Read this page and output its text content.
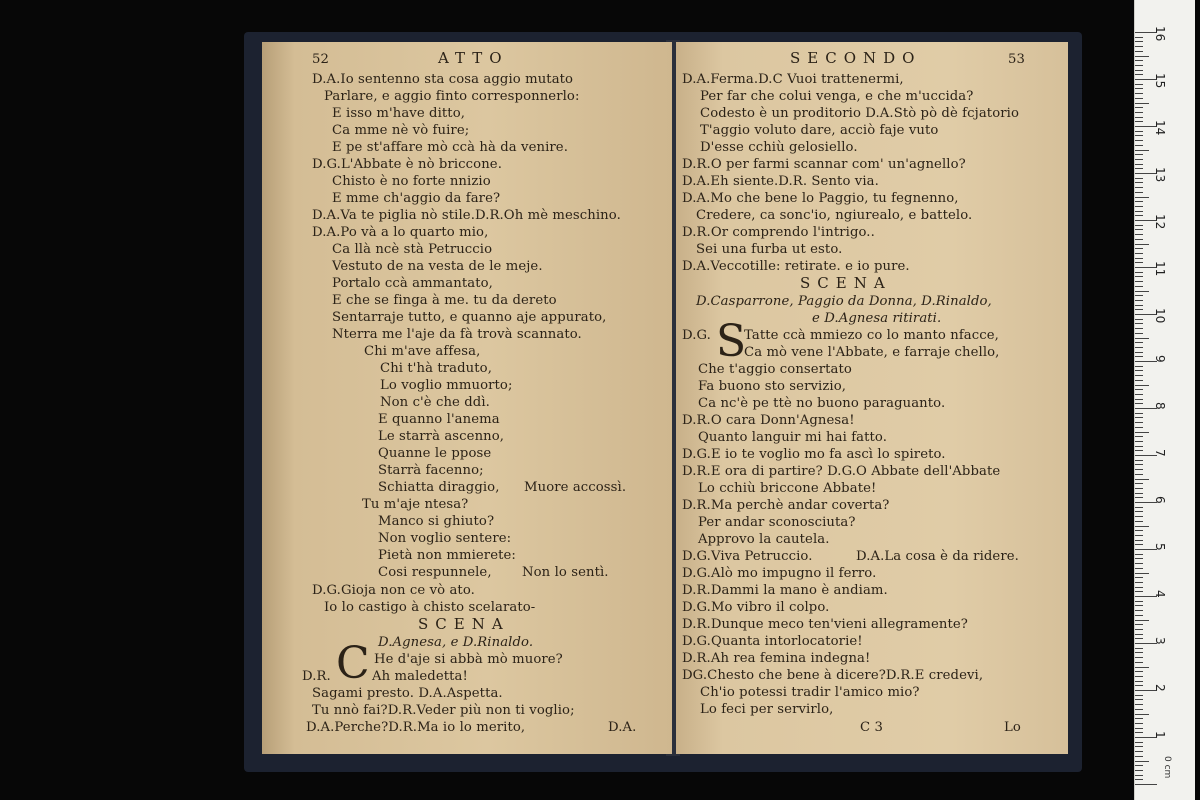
52	ATTO
D.A.Io sentenno sta cosa aggio mutato
Parlare, e aggio finto corresponnerlo:
E isso m'have ditto,
Ca mme nè vò fuire;
E pe st'affare mò ccà hà da venire.
D.G.L'Abbate è nò briccone.
Chisto è no forte nnizio
E mme ch'aggio da fare?
D.A.Va te piglia nò stile.D.R.Oh mè meschino.
D.A.Po và a lo quarto mio,
Ca llà ncè stà Petruccio
Vestuto de na vesta de le meje.
Portalo ccà ammantato,
E che se finga à me. tu da dereto
Sentarraje tutto, e quanno aje appurato,
Nterra me l'aje da fà trovà scannato.
Chi m'ave affesa,
Chi t'hà traduto,
Lo voglio mmuorto;
Non c'è che ddì.
E quanno l'anema
Le starrà ascenno,
Quanne le ppose
Starrà facenno;
Schiatta diraggio, Muore accossì.
Tu m'aje ntesa?
Manco si ghiuto?
Non voglio sentere:
Pietà non mmierete:
Cosi respunnele, Non lo sentì.
D.G.Gioja non ce vò ato.
Io lo castigo à chisto scelarato-
SCENA
D.Agnesa, e D.Rinaldo.
C He d'aje si abbà mò muore?
D.R.	Ah maledetta!
Sagami presto. D.A.Aspetta.
Tu nnò fai?D.R.Veder più non ti voglio;
D.A.Perche?D.R.Ma io lo merito,	D.A.
SECONDO	53
D.A.Ferma.D.C Vuoi trattenermi,
Per far che colui venga, e che m'uccida?
Codesto è un proditorio D.A.Stò pò dè fcjatorio
T'aggio voluto dare, acciò faje vuto
D'esse cchiù gelosiello.
D.R.O per farmi scannar com' un'agnello?
D.A.Eh siente.D.R. Sento via.
D.A.Mo che bene lo Paggio, tu fegnenno,
Credere, ca sonc'io, ngiurealo, e battelo.
D.R.Or comprendo l'intrigo..
Sei una furba ut esto.
D.A.Veccotille: retirate. e io pure.
SCENA
D.Casparrone, Paggio da Donna, D.Rinaldo,
e D.Agnesa ritirati.
D.G. S
Tatte ccà mmiezo co lo manto nfacce,
Ca mò vene l'Abbate, e farraje chello,
Che t'aggio consertato
Fa buono sto servizio,
Ca nc'è pe ttè no buono paraguanto.
D.R.O cara Donn'Agnesa!
Quanto languir mi hai fatto.
D.G.E io te voglio mo fa ascì lo spireto.
D.R.E ora di partire? D.G.O Abbate dell'Abbate
Lo cchiù briccone Abbate!
D.R.Ma perchè andar coverta?
Per andar sconosciuta?
Approvo la cautela.
D.G.Viva Petruccio.	D.A.La cosa è da ridere.
D.G.Alò mo impugno il ferro.
D.R.Dammi la mano è andiam.
D.G.Mo vibro il colpo.
D.R.Dunque meco ten'vieni allegramente?
D.G.Quanta intorlocatorie!
D.R.Ah rea femina indegna!
DG.Chesto che bene à dicere?D.R.E credevi,
Ch'io potessi tradir l'amico mio?
Lo feci per servirlo,
C 3	Lo
16
15
14
13
12
11
10
9
8
7
6
5
4
3
2
1
0 cm
